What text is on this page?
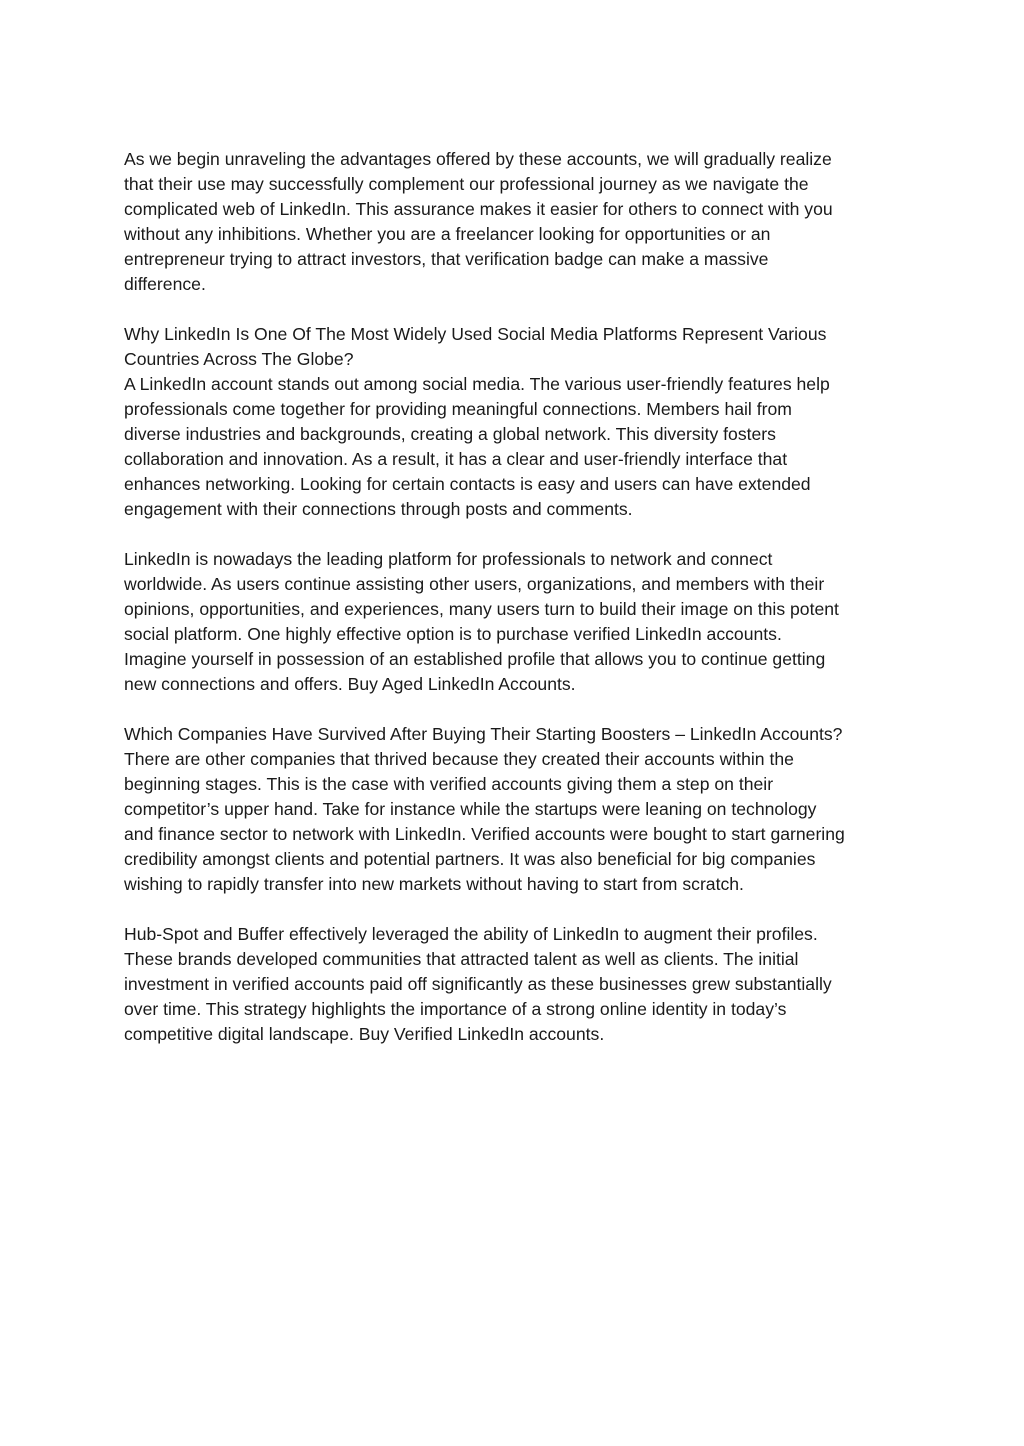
As we begin unraveling the advantages offered by these accounts, we will gradually realize
that their use may successfully complement our professional journey as we navigate the
complicated web of LinkedIn. This assurance makes it easier for others to connect with you
without any inhibitions. Whether you are a freelancer looking for opportunities or an
entrepreneur trying to attract investors, that verification badge can make a massive
difference.
Why LinkedIn Is One Of The Most Widely Used Social Media Platforms Represent Various
Countries Across The Globe?
A LinkedIn account stands out among social media. The various user-friendly features help
professionals come together for providing meaningful connections. Members hail from
diverse industries and backgrounds, creating a global network. This diversity fosters
collaboration and innovation. As a result, it has a clear and user-friendly interface that
enhances networking. Looking for certain contacts is easy and users can have extended
engagement with their connections through posts and comments.
LinkedIn is nowadays the leading platform for professionals to network and connect
worldwide. As users continue assisting other users, organizations, and members with their
opinions, opportunities, and experiences, many users turn to build their image on this potent
social platform. One highly effective option is to purchase verified LinkedIn accounts.
Imagine yourself in possession of an established profile that allows you to continue getting
new connections and offers. Buy Aged LinkedIn Accounts.
Which Companies Have Survived After Buying Their Starting Boosters – LinkedIn Accounts?
There are other companies that thrived because they created their accounts within the
beginning stages. This is the case with verified accounts giving them a step on their
competitor’s upper hand. Take for instance while the startups were leaning on technology
and finance sector to network with LinkedIn. Verified accounts were bought to start garnering
credibility amongst clients and potential partners. It was also beneficial for big companies
wishing to rapidly transfer into new markets without having to start from scratch.
Hub-Spot and Buffer effectively leveraged the ability of LinkedIn to augment their profiles.
These brands developed communities that attracted talent as well as clients. The initial
investment in verified accounts paid off significantly as these businesses grew substantially
over time. This strategy highlights the importance of a strong online identity in today’s
competitive digital landscape. Buy Verified LinkedIn accounts.
